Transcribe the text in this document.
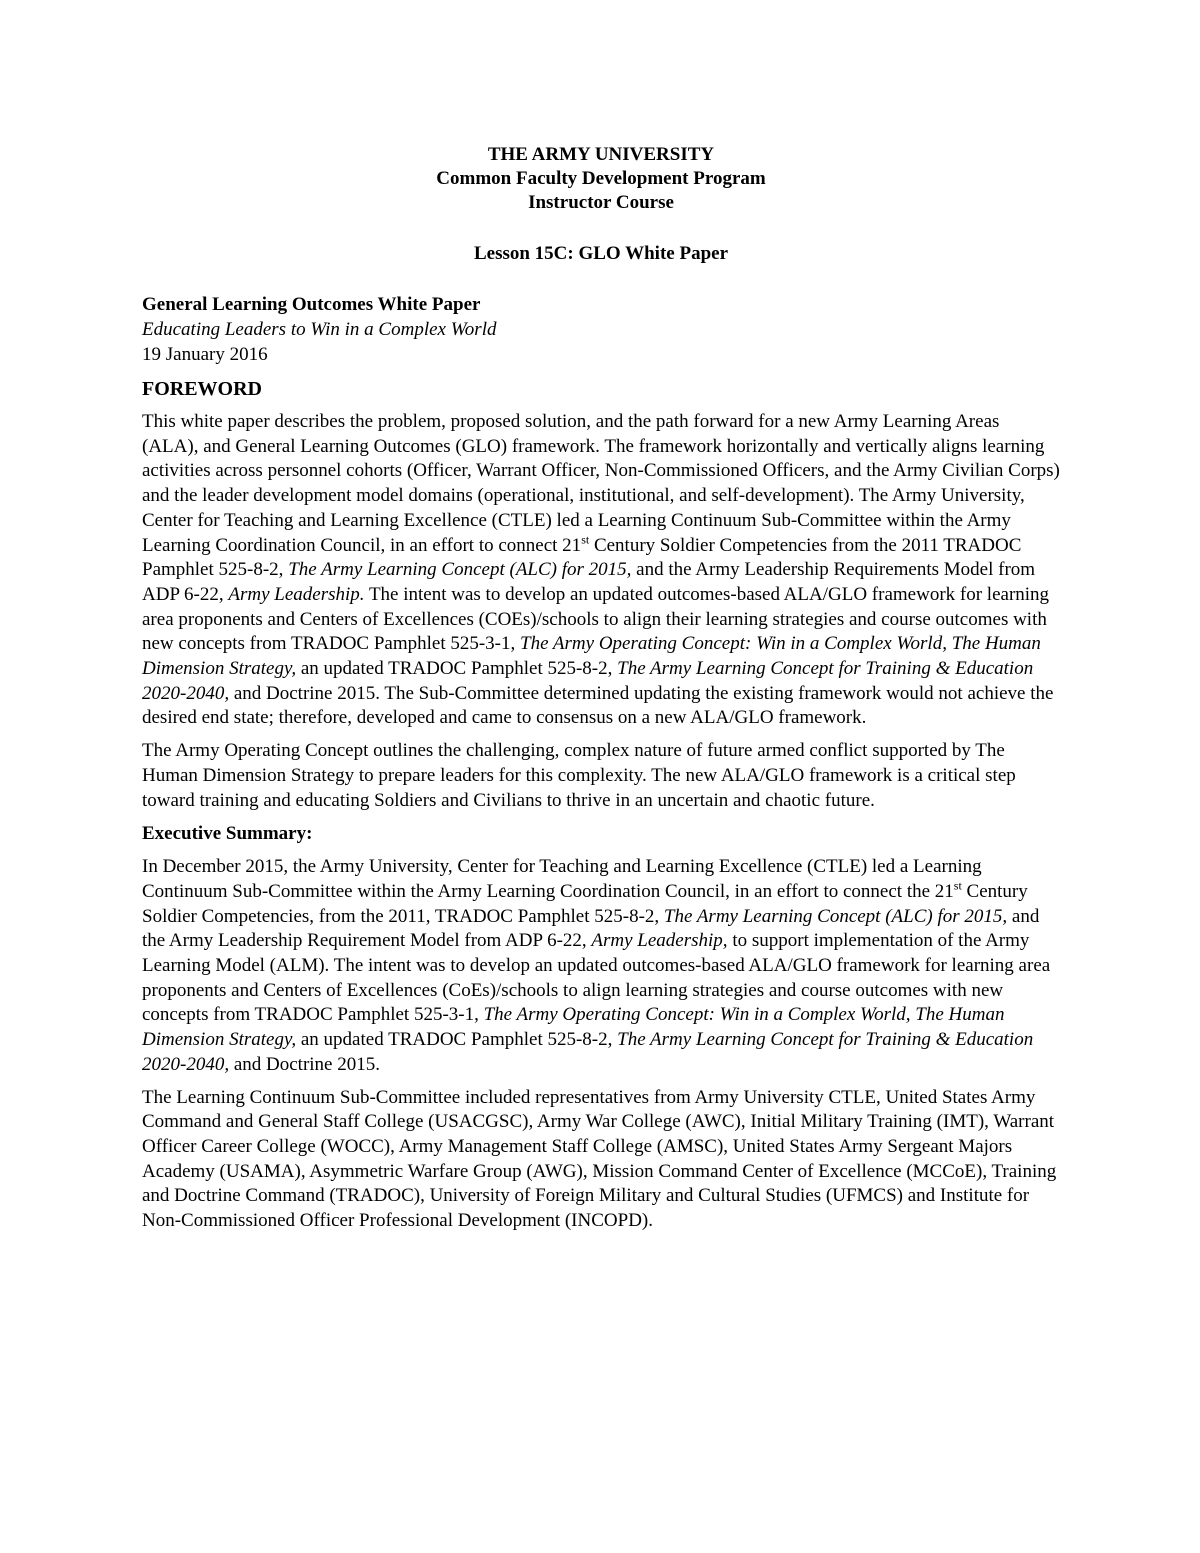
THE ARMY UNIVERSITY
Common Faculty Development Program
Instructor Course
Lesson 15C: GLO White Paper
General Learning Outcomes White Paper
Educating Leaders to Win in a Complex World
19 January 2016
FOREWORD

This white paper describes the problem, proposed solution, and the path forward for a new Army Learning Areas (ALA), and General Learning Outcomes (GLO) framework. The framework horizontally and vertically aligns learning activities across personnel cohorts (Officer, Warrant Officer, Non-Commissioned Officers, and the Army Civilian Corps) and the leader development model domains (operational, institutional, and self-development). The Army University, Center for Teaching and Learning Excellence (CTLE) led a Learning Continuum Sub-Committee within the Army Learning Coordination Council, in an effort to connect 21st Century Soldier Competencies from the 2011 TRADOC Pamphlet 525-8-2, The Army Learning Concept (ALC) for 2015, and the Army Leadership Requirements Model from ADP 6-22, Army Leadership. The intent was to develop an updated outcomes-based ALA/GLO framework for learning area proponents and Centers of Excellences (COEs)/schools to align their learning strategies and course outcomes with new concepts from TRADOC Pamphlet 525-3-1, The Army Operating Concept: Win in a Complex World, The Human Dimension Strategy, an updated TRADOC Pamphlet 525-8-2, The Army Learning Concept for Training & Education 2020-2040, and Doctrine 2015. The Sub-Committee determined updating the existing framework would not achieve the desired end state; therefore, developed and came to consensus on a new ALA/GLO framework.

The Army Operating Concept outlines the challenging, complex nature of future armed conflict supported by The Human Dimension Strategy to prepare leaders for this complexity. The new ALA/GLO framework is a critical step toward training and educating Soldiers and Civilians to thrive in an uncertain and chaotic future.

Executive Summary:

In December 2015, the Army University, Center for Teaching and Learning Excellence (CTLE) led a Learning Continuum Sub-Committee within the Army Learning Coordination Council, in an effort to connect the 21st Century Soldier Competencies, from the 2011, TRADOC Pamphlet 525-8-2, The Army Learning Concept (ALC) for 2015, and the Army Leadership Requirement Model from ADP 6-22, Army Leadership, to support implementation of the Army Learning Model (ALM). The intent was to develop an updated outcomes-based ALA/GLO framework for learning area proponents and Centers of Excellences (CoEs)/schools to align learning strategies and course outcomes with new concepts from TRADOC Pamphlet 525-3-1, The Army Operating Concept: Win in a Complex World, The Human Dimension Strategy, an updated TRADOC Pamphlet 525-8-2, The Army Learning Concept for Training & Education 2020-2040, and Doctrine 2015.

The Learning Continuum Sub-Committee included representatives from Army University CTLE, United States Army Command and General Staff College (USACGSC), Army War College (AWC), Initial Military Training (IMT), Warrant Officer Career College (WOCC), Army Management Staff College (AMSC), United States Army Sergeant Majors Academy (USAMA), Asymmetric Warfare Group (AWG), Mission Command Center of Excellence (MCCoE), Training and Doctrine Command (TRADOC), University of Foreign Military and Cultural Studies (UFMCS) and Institute for Non-Commissioned Officer Professional Development (INCOPD).
